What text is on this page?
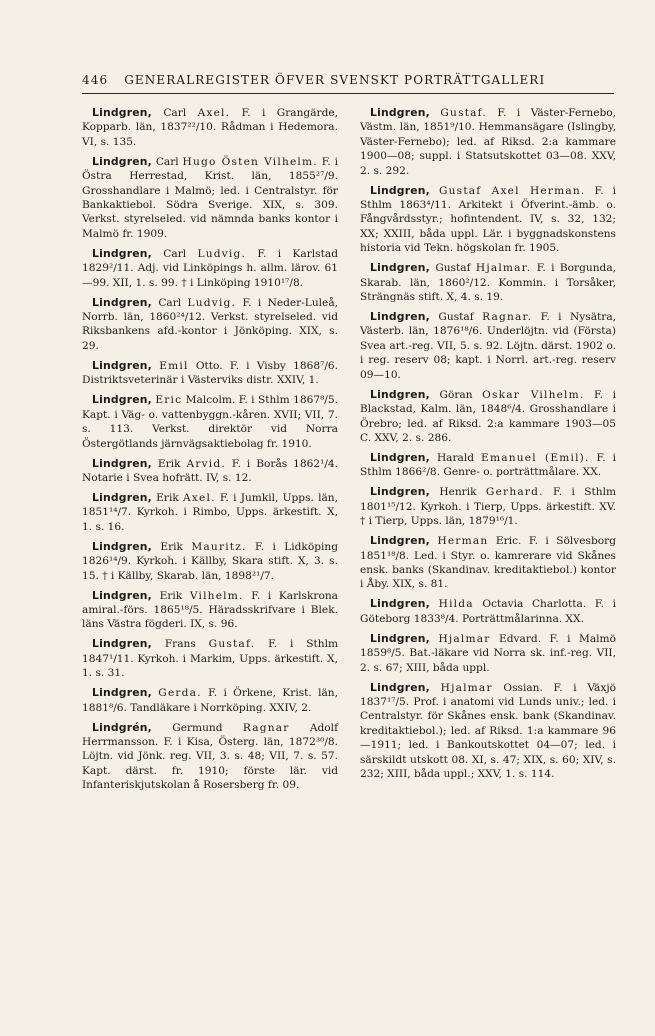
446 GENERALREGISTER ÖFVER SVENSKT PORTRÄTTGALLERI

Lindgren, Carl Axel. F. i Grangärde, Kopparb. län, 1837²²/10. Rådman i Hedemora. VI, s. 135.

Lindgren, Carl Hugo Östen Vilhelm. F. i Östra Herrestad, Krist. län, 1855²⁷/9. Grosshandlare i Malmö; led. i Centralstyr. för Bankaktiebol. Södra Sverige. XIX, s. 309. Verkst. styrelseled. vid nämnda banks kontor i Malmö fr. 1909.

Lindgren, Carl Ludvig. F. i Karlstad 1829²/11. Adj. vid Linköpings h. allm. lärov. 61—99. XII, 1. s. 99. † i Linköping 1910¹⁷/8.

Lindgren, Carl Ludvig. F. i Neder-Luleå, Norrb. län, 1860²⁴/12. Verkst. styrelseled. vid Riksbankens afd.-kontor i Jönköping. XIX, s. 29.

Lindgren, Emil Otto. F. i Visby 1868⁷/6. Distriktsveterinär i Västerviks distr. XXIV, 1.

Lindgren, Eric Malcolm. F. i Sthlm 1867⁸/5. Kapt. i Väg- o. vattenbyggn.-kåren. XVII; VII, 7. s. 113. Verkst. direktör vid Norra Östergötlands järnvägsaktiebolag fr. 1910.

Lindgren, Erik Arvid. F. i Borås 1862¹/4. Notarie i Svea hofrätt. IV, s. 12.

Lindgren, Erik Axel. F. i Jumkil, Upps. län, 1851¹⁴/7. Kyrkoh. i Rimbo, Upps. ärkestift. X, 1. s. 16.

Lindgren, Erik Mauritz. F. i Lidköping 1826¹⁴/9. Kyrkoh. i Källby, Skara stift. X, 3. s. 15. † i Källby, Skarab. län, 1898²¹/7.

Lindgren, Erik Vilhelm. F. i Karlskrona amiral.-förs. 1865¹⁸/5. Häradsskrifvare i Blek. läns Västra fögderi. IX, s. 96.

Lindgren, Frans Gustaf. F. i Sthlm 1847¹/11. Kyrkoh. i Markim, Upps. ärkestift. X, 1. s. 31.

Lindgren, Gerda. F. i Örkene, Krist. län, 1881⁸/6. Tandläkare i Norrköping. XXIV, 2.

Lindgrén, Germund Ragnar Adolf Herrmansson. F. i Kisa, Österg. län, 1872³⁰/8. Löjtn. vid Jönk. reg. VII, 3. s. 48; VII, 7. s. 57. Kapt. därst. fr. 1910; förste lär. vid Infanteriskjutskolan å Rosersberg fr. 09.

Lindgren, Gustaf. F. i Väster-Fernebo, Västm. län, 1851⁹/10. Hemmansägare (Islingby, Väster-Fernebo); led. af Riksd. 2:a kammare 1900—08; suppl. i Statsutskottet 03—08. XXV, 2. s. 292.

Lindgren, Gustaf Axel Herman. F. i Sthlm 1863⁴/11. Arkitekt i Öfverint.-ämb. o. Fångvårdsstyr.; hofintendent. IV, s. 32, 132; XX; XXIII, båda uppl. Lär. i byggnadskonstens historia vid Tekn. högskolan fr. 1905.

Lindgren, Gustaf Hjalmar. F. i Borgunda, Skarab. län, 1860²/12. Kommin. i Torsåker, Strängnäs stift. X, 4. s. 19.

Lindgren, Gustaf Ragnar. F. i Nysätra, Västerb. län, 1876¹⁸/6. Underlöjtn. vid (Första) Svea art.-reg. VII, 5. s. 92. Löjtn. därst. 1902 o. i reg. reserv 08; kapt. i Norrl. art.-reg. reserv 09—10.

Lindgren, Göran Oskar Vilhelm. F. i Blackstad, Kalm. län, 1848⁶/4. Grosshandlare i Örebro; led. af Riksd. 2:a kammare 1903—05 C. XXV, 2. s. 286.

Lindgren, Harald Emanuel (Emil). F. i Sthlm 1866²/8. Genre- o. porträttmålare. XX.

Lindgren, Henrik Gerhard. F. i Sthlm 1801¹⁵/12. Kyrkoh. i Tierp, Upps. ärkestift. XV. † i Tierp, Upps. län, 1879¹⁶/1.

Lindgren, Herman Eric. F. i Sölvesborg 1851¹⁸/8. Led. i Styr. o. kamrerare vid Skånes ensk. banks (Skandinav. kreditaktiebol.) kontor i Åby. XIX, s. 81.

Lindgren, Hilda Octavia Charlotta. F. i Göteborg 1833⁸/4. Porträttmålarinna. XX.

Lindgren, Hjalmar Edvard. F. i Malmö 1859⁸/5. Bat.-läkare vid Norra sk. inf.-reg. VII, 2. s. 67; XIII, båda uppl.

Lindgren, Hjalmar Ossian. F. i Växjö 1837¹⁷/5. Prof. i anatomi vid Lunds univ.; led. i Centralstyr. för Skånes ensk. bank (Skandinav. kreditaktiebol.); led. af Riksd. 1:a kammare 96—1911; led. i Bankoutskottet 04—07; led. i särskildt utskott 08. XI, s. 47; XIX, s. 60; XIV, s. 232; XIII, båda uppl.; XXV, 1. s. 114.
